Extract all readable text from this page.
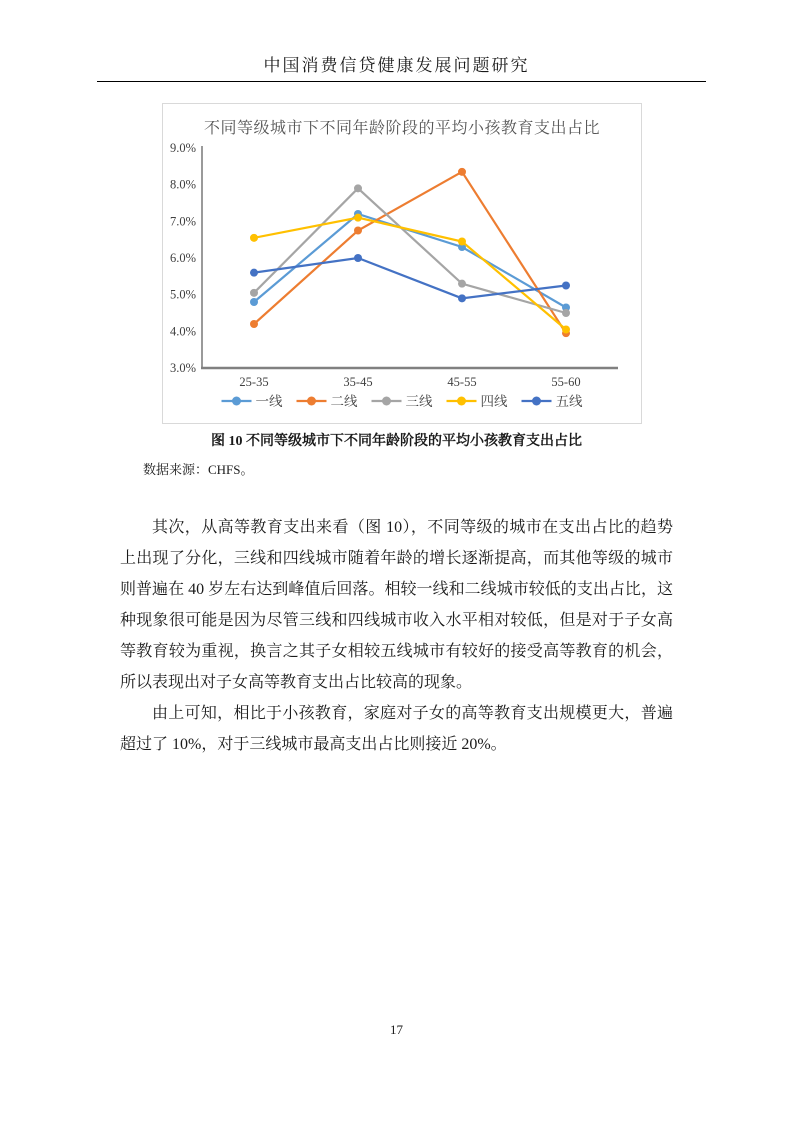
中国消费信贷健康发展问题研究
3.0%
4.0%
5.0%
6.0%
7.0%
8.0%
9.0%
25-35	35-45	45-55	55-60
一线	二线	三线	四线	五线
不同等级城市下不同年龄阶段的平均小孩教育支出占比
图 10 不同等级城市下不同年龄阶段的平均小孩教育支出占比
数据来源：CHFS。

其次，从高等教育支出来看（图 10），不同等级的城市在支出占比的趋势上出现了分化，三线和四线城市随着年龄的增长逐渐提高，而其他等级的城市则普遍在 40 岁左右达到峰值后回落。相较一线和二线城市较低的支出占比，这种现象很可能是因为尽管三线和四线城市收入水平相对较低，但是对于子女高等教育较为重视，换言之其子女相较五线城市有较好的接受高等教育的机会，所以表现出对子女高等教育支出占比较高的现象。

由上可知，相比于小孩教育，家庭对子女的高等教育支出规模更大，普遍超过了 10%，对于三线城市最高支出占比则接近 20%。

17
